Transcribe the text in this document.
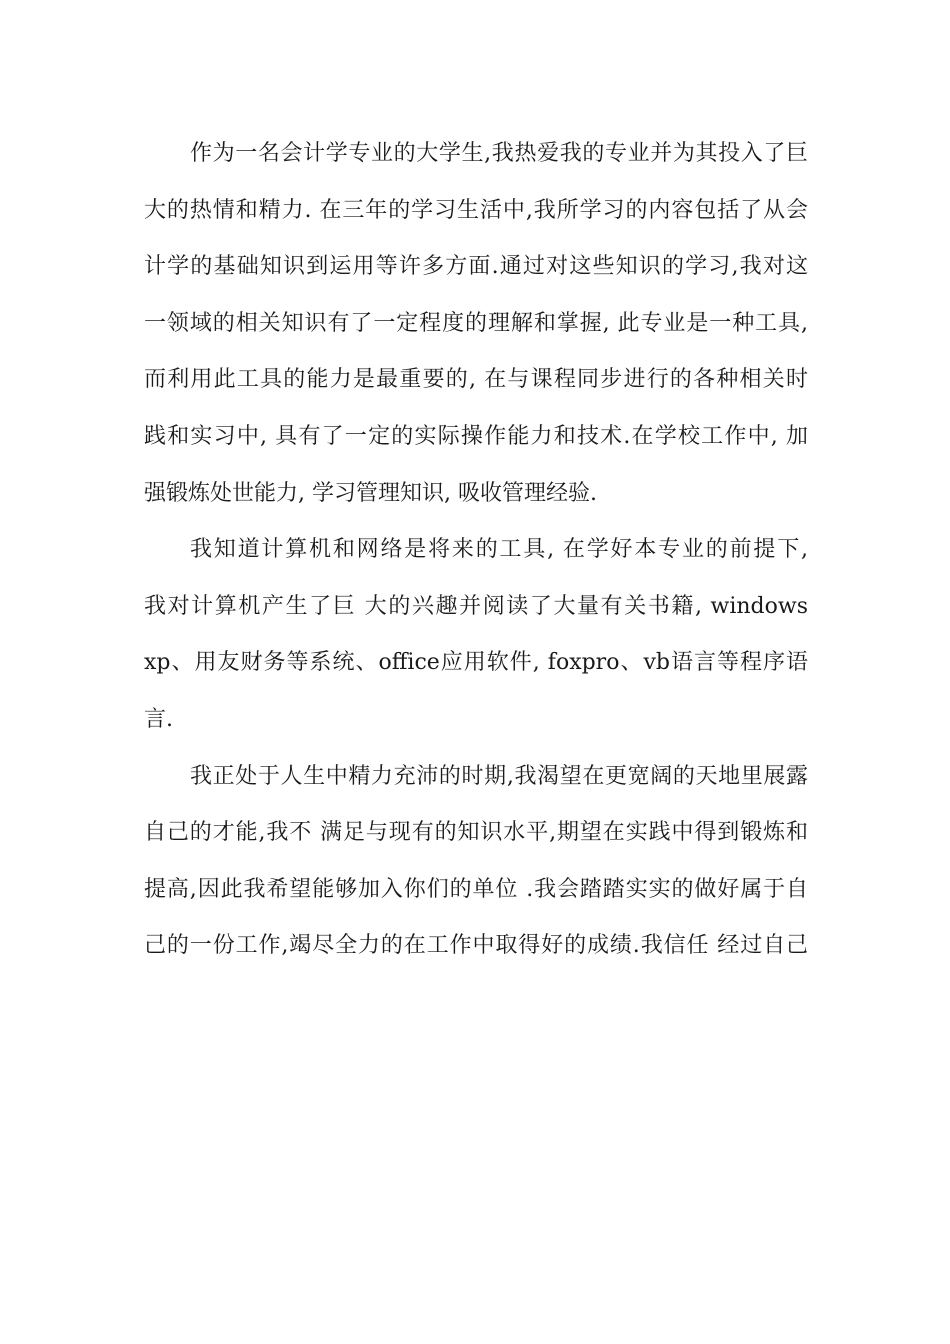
作为一名会计学专业的大学生,我热爱我的专业并为其投入了巨
大的热情和精力. 在三年的学习生活中,我所学习的内容包括了从会
计学的基础知识到运用等许多方面.通过对这些知识的学习,我对这
一领域的相关知识有了一定程度的理解和掌握, 此专业是一种工具,
而利用此工具的能力是最重要的, 在与课程同步进行的各种相关时
践和实习中, 具有了一定的实际操作能力和技术.在学校工作中, 加
强锻炼处世能力, 学习管理知识, 吸收管理经验.
我知道计算机和网络是将来的工具, 在学好本专业的前提下,
我对计算机产生了巨 大的兴趣并阅读了大量有关书籍, windows
xp、用友财务等系统、office应用软件, foxpro、vb语言等程序语
言.
我正处于人生中精力充沛的时期,我渴望在更宽阔的天地里展露
自己的才能,我不 满足与现有的知识水平,期望在实践中得到锻炼和
提高,因此我希望能够加入你们的单位 .我会踏踏实实的做好属于自
己的一份工作,竭尽全力的在工作中取得好的成绩.我信任 经过自己
